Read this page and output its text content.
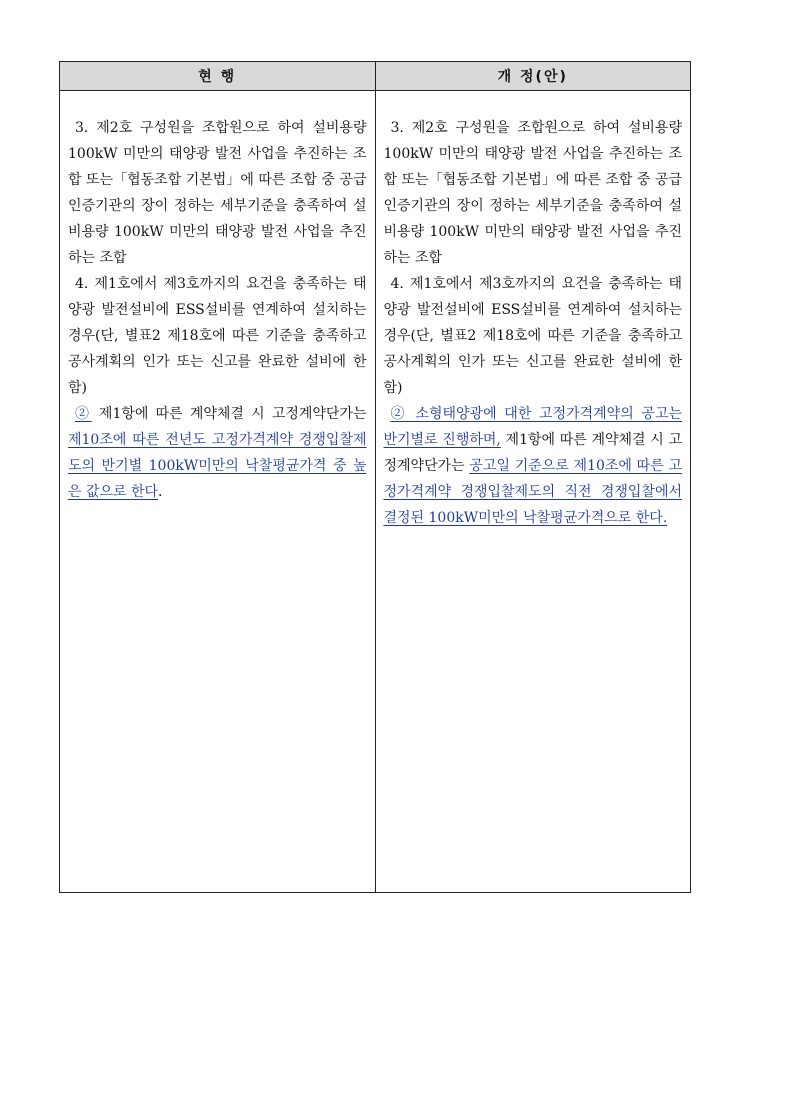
현 행	개 정(안)

3. 제2호 구성원을 조합원으로 하여 설비용량 100kW 미만의 태양광 발전 사업을 추진하는 조합 또는「협동조합 기본법」에 따른 조합 중 공급인증기관의 장이 정하는 세부기준을 충족하여 설비용량 100kW 미만의 태양광 발전 사업을 추진하는 조합

4. 제1호에서 제3호까지의 요건을 충족하는 태양광 발전설비에 ESS설비를 연계하여 설치하는 경우(단, 별표2 제18호에 따른 기준을 충족하고 공사계획의 인가 또는 신고를 완료한 설비에 한함)

② 제1항에 따른 계약체결 시 고정계약단가는 제10조에 따른 전년도 고정가격계약 경쟁입찰제도의 반기별 100kW미만의 낙찰평균가격 중 높은 값으로 한다.

3. 제2호 구성원을 조합원으로 하여 설비용량 100kW 미만의 태양광 발전 사업을 추진하는 조합 또는「협동조합 기본법」에 따른 조합 중 공급인증기관의 장이 정하는 세부기준을 충족하여 설비용량 100kW 미만의 태양광 발전 사업을 추진하는 조합

4. 제1호에서 제3호까지의 요건을 충족하는 태양광 발전설비에 ESS설비를 연계하여 설치하는 경우(단, 별표2 제18호에 따른 기준을 충족하고 공사계획의 인가 또는 신고를 완료한 설비에 한함)

② 소형태양광에 대한 고정가격계약의 공고는 반기별로 진행하며, 제1항에 따른 계약체결 시 고정계약단가는 공고일 기준으로 제10조에 따른 고정가격계약 경쟁입찰제도의 직전 경쟁입찰에서 결정된 100kW미만의 낙찰평균가격으로 한다.
